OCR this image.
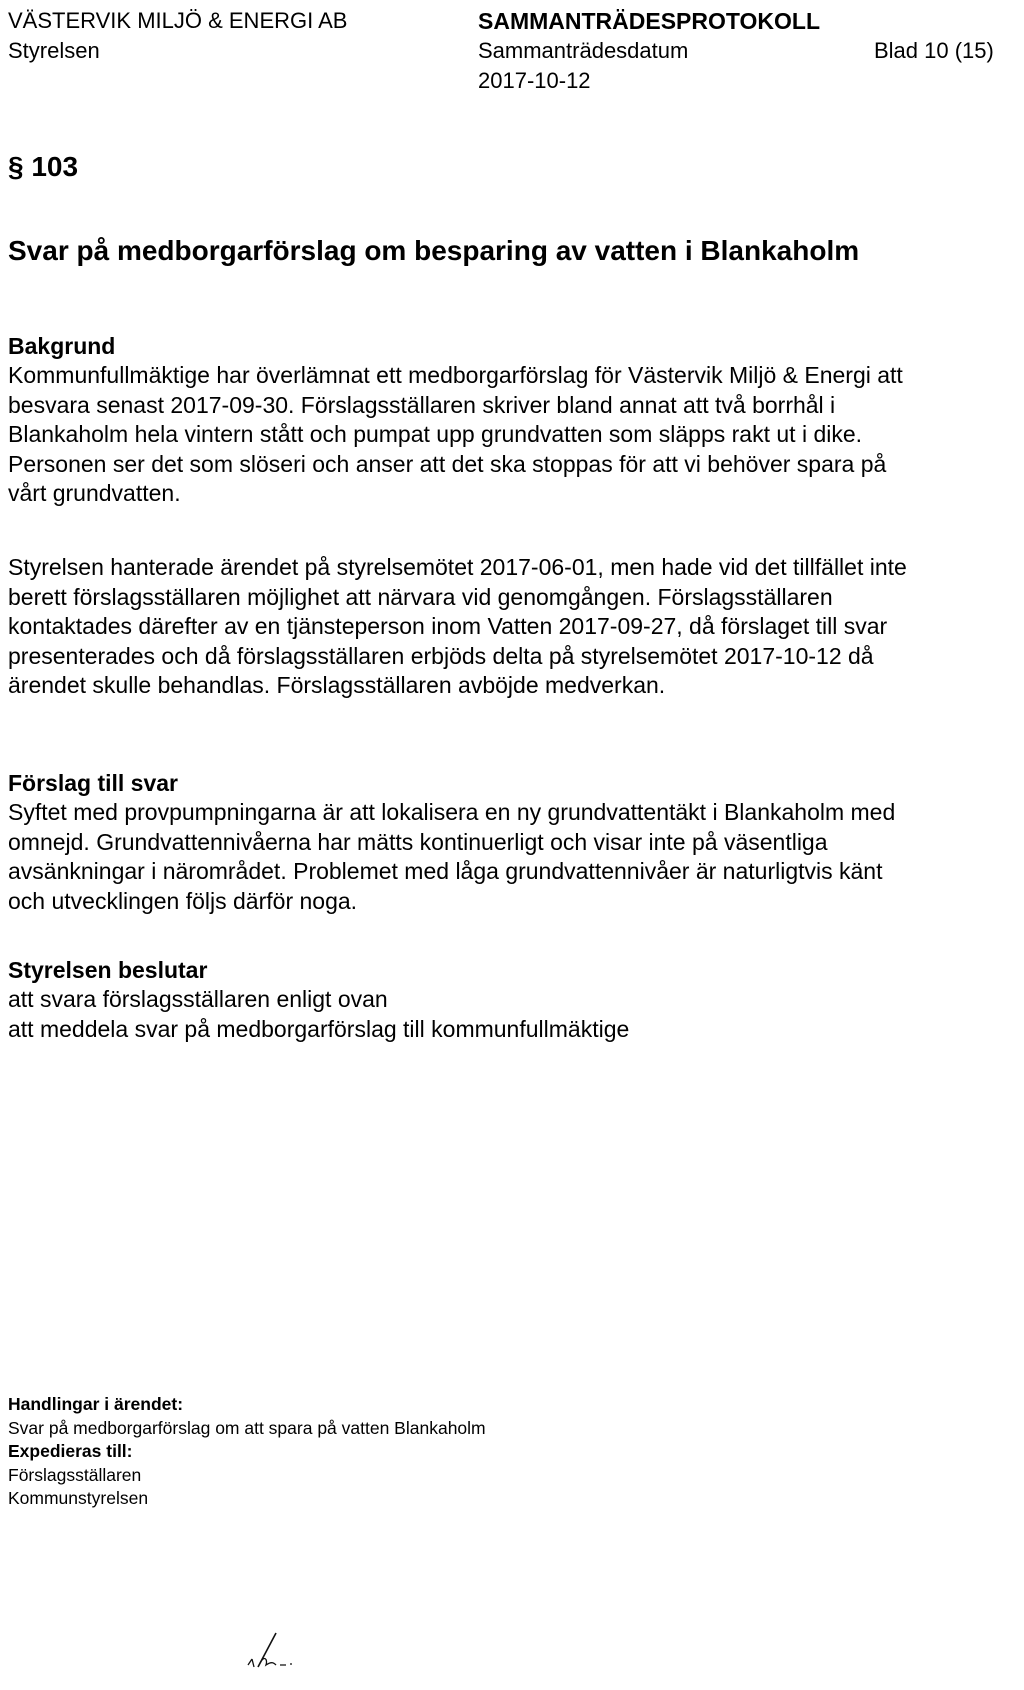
VÄSTERVIK MILJÖ & ENERGI AB
Styrelsen
SAMMANTRÄDESPROTOKOLL
Sammanträdesdatum	Blad 10 (15)
2017-10-12
§ 103
Svar på medborgarförslag om besparing av vatten i Blankaholm
Bakgrund

Kommunfullmäktige har överlämnat ett medborgarförslag för Västervik Miljö & Energi att besvara senast 2017-09-30. Förslagsställaren skriver bland annat att två borrhål i Blankaholm hela vintern stått och pumpat upp grundvatten som släpps rakt ut i dike. Personen ser det som slöseri och anser att det ska stoppas för att vi behöver spara på vårt grundvatten.

Styrelsen hanterade ärendet på styrelsemötet 2017-06-01, men hade vid det tillfället inte berett förslagsställaren möjlighet att närvara vid genomgången. Förslagsställaren kontaktades därefter av en tjänsteperson inom Vatten 2017-09-27, då förslaget till svar presenterades och då förslagsställaren erbjöds delta på styrelsemötet 2017-10-12 då ärendet skulle behandlas. Förslagsställaren avböjde medverkan.

Förslag till svar

Syftet med provpumpningarna är att lokalisera en ny grundvattentäkt i Blankaholm med omnejd. Grundvattennivåerna har mätts kontinuerligt och visar inte på väsentliga avsänkningar i närområdet. Problemet med låga grundvattennivåer är naturligtvis känt och utvecklingen följs därför noga.

Styrelsen beslutar

att svara förslagsställaren enligt ovan

att meddela svar på medborgarförslag till kommunfullmäktige

Handlingar i ärendet:
Svar på medborgarförslag om att spara på vatten Blankaholm
Expedieras till:
Förslagsställaren
Kommunstyrelsen
